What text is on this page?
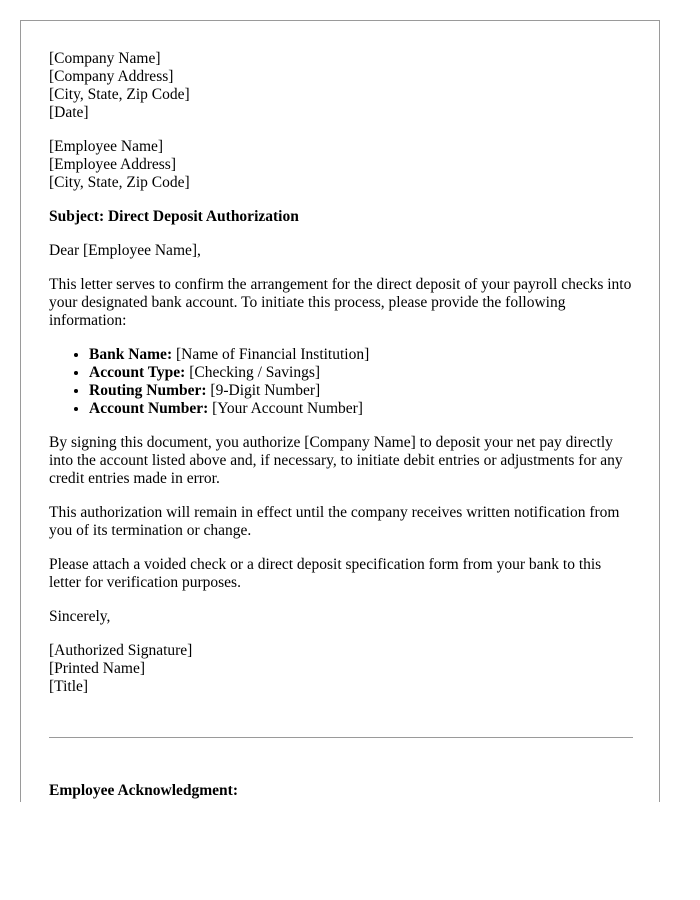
[Company Name]
[Company Address]
[City, State, Zip Code]
[Date]
[Employee Name]
[Employee Address]
[City, State, Zip Code]
Subject: Direct Deposit Authorization

Dear [Employee Name],

This letter serves to confirm the arrangement for the direct deposit of your payroll checks into your designated bank account. To initiate this process, please provide the following information:

• Bank Name: [Name of Financial Institution]
• Account Type: [Checking / Savings]
• Routing Number: [9-Digit Number]
• Account Number: [Your Account Number]

By signing this document, you authorize [Company Name] to deposit your net pay directly into the account listed above and, if necessary, to initiate debit entries or adjustments for any credit entries made in error.

This authorization will remain in effect until the company receives written notification from you of its termination or change.

Please attach a voided check or a direct deposit specification form from your bank to this letter for verification purposes.

Sincerely,

[Authorized Signature]
[Printed Name]
[Title]
Employee Acknowledgment:
